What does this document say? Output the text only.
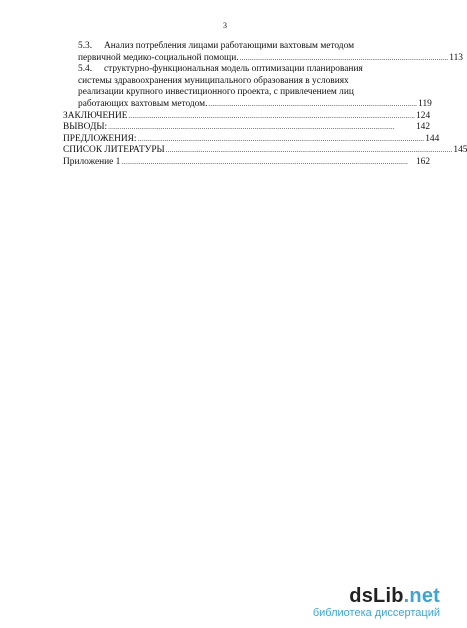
3
5.3.	Анализ потребления лицами работающими вахтовым методом
первичной медико-социальной помощи. ........................................................................................................... 113
5.4.	структурно-функциональная модель оптимизации планирования
системы здравоохранения муниципального образования в условиях
реализации крупного инвестиционного проекта, с привлечением лиц
работающих вахтовым методом. ........................................................................................................... 119
ЗАКЛЮЧЕНИЕ ................................................................................................................................................... 124
ВЫВОДЫ: ...................................................................................................................................................	142
ПРЕДЛОЖЕНИЯ: ................................................................................................................................................... 144
СПИСОК ЛИТЕРАТУРЫ ................................................................................................................................................... 145
Приложение 1 ................................................................................................................................................... 162
dsLib.net
библиотека диссертаций
